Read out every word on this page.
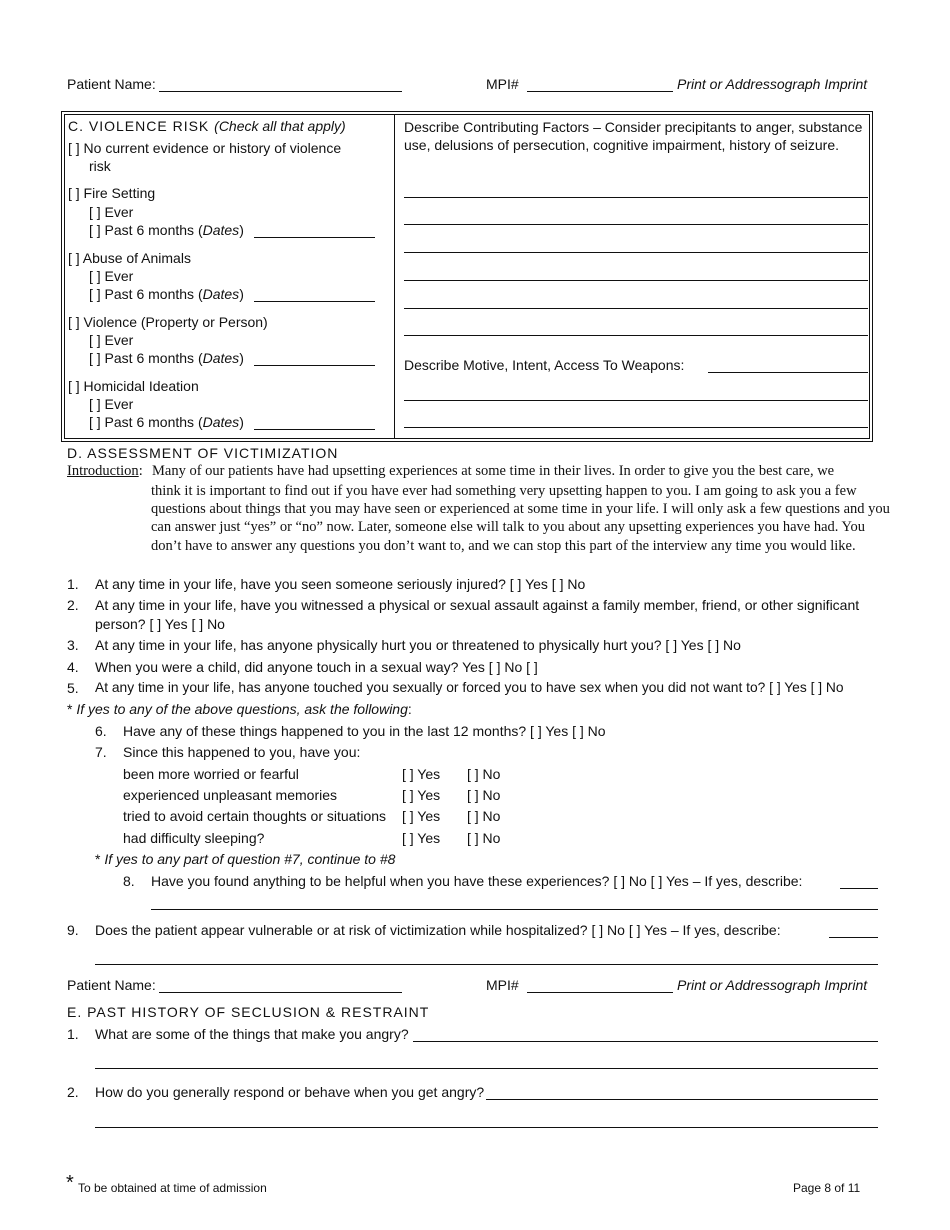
Patient Name:	MPI#	Print or Addressograph Imprint
C. VIOLENCE RISK (Check all that apply)
[ ] No current evidence or history of violence
risk
[ ] Fire Setting
[ ] Ever
[ ] Past 6 months (Dates)
[ ] Abuse of Animals
[ ] Ever
[ ] Past 6 months (Dates)
[ ] Violence (Property or Person)
[ ] Ever
[ ] Past 6 months (Dates)
[ ] Homicidal Ideation
[ ] Ever
[ ] Past 6 months (Dates)
Describe Contributing Factors – Consider precipitants to anger, substance use, delusions of persecution, cognitive impairment, history of seizure.
Describe Motive, Intent, Access To Weapons:
D. ASSESSMENT OF VICTIMIZATION
Introduction: Many of our patients have had upsetting experiences at some time in their lives. In order to give you the best care, we
think it is important to find out if you have ever had something very upsetting happen to you. I am going to ask you a few questions about things that you may have seen or experienced at some time in your life. I will only ask a few questions and you can answer just “yes” or “no” now. Later, someone else will talk to you about any upsetting experiences you have had. You don’t have to answer any questions you don’t want to, and we can stop this part of the interview any time you would like.
1. At any time in your life, have you seen someone seriously injured? [ ] Yes [ ] No
2. At any time in your life, have you witnessed a physical or sexual assault against a family member, friend, or other significant
person? [ ] Yes [ ] No
3. At any time in your life, has anyone physically hurt you or threatened to physically hurt you? [ ] Yes [ ] No
4. When you were a child, did anyone touch in a sexual way? Yes [ ] No [ ]
5. At any time in your life, has anyone touched you sexually or forced you to have sex when you did not want to? [ ] Yes [ ] No
* If yes to any of the above questions, ask the following:
6. Have any of these things happened to you in the last 12 months? [ ] Yes [ ] No
7. Since this happened to you, have you:
been more worried or fearful	[ ] Yes [ ] No
experienced unpleasant memories	[ ] Yes [ ] No
tried to avoid certain thoughts or situations [ ] Yes [ ] No
had difficulty sleeping?	[ ] Yes [ ] No
* If yes to any part of question #7, continue to #8
8. Have you found anything to be helpful when you have these experiences? [ ] No [ ] Yes – If yes, describe:
9. Does the patient appear vulnerable or at risk of victimization while hospitalized? [ ] No [ ] Yes – If yes, describe:
Patient Name:	MPI#	Print or Addressograph Imprint
E. PAST HISTORY OF SECLUSION & RESTRAINT
1. What are some of the things that make you angry?
2. How do you generally respond or behave when you get angry?
* To be obtained at time of admission	Page 8 of 11
